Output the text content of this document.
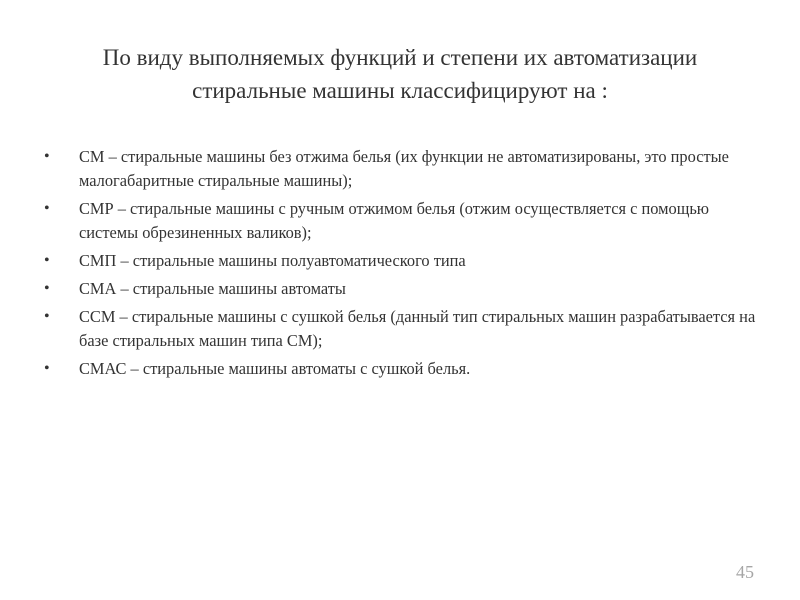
По виду выполняемых функций и степени их автоматизации
стиральные машины классифицируют на :
• СМ – стиральные машины без отжима белья (их функции не автоматизированы, это простые малогабаритные стиральные машины);
• СМР – стиральные машины с ручным отжимом белья (отжим осуществляется с помощью системы обрезиненных валиков);
• СМП – стиральные машины полуавтоматического типа
• СМА – стиральные машины автоматы
• ССМ – стиральные машины с сушкой белья (данный тип стиральных машин разрабатывается на базе стиральных машин типа СМ);
• СМАС – стиральные машины автоматы с сушкой белья.
45
